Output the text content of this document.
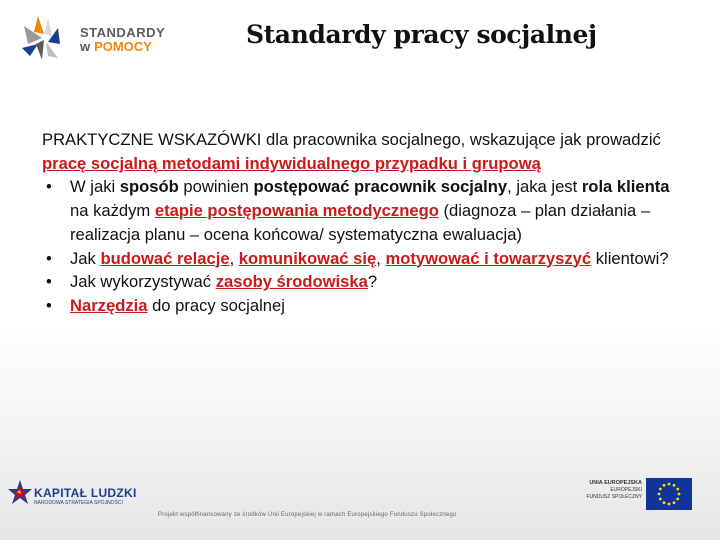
STANDARDY
w POMOCY	Standardy pracy socjalnej

PRAKTYCZNE WSKAZÓWKI dla pracownika socjalnego, wskazujące jak prowadzić pracę socjalną metodami indywidualnego przypadku i grupową

• W jaki sposób powinien postępować pracownik socjalny, jaka jest rola klienta na każdym etapie postępowania metodycznego (diagnoza – plan działania – realizacja planu – ocena końcowa/ systematyczna ewaluacja)
• Jak budować relacje, komunikować się, motywować i towarzyszyć klientowi?
• Jak wykorzystywać zasoby środowiska?
• Narzędzia do pracy socjalnej
KAPITAŁ LUDZKI
NARODOWA STRATEGIA SPÓJNOŚCI
UNIA EUROPEJSKA
EUROPEJSKI
FUNDUSZ SPOŁECZNY
Projekt współfinansowany ze środków Unii Europejskiej w ramach Europejskiego Funduszu Społecznego
